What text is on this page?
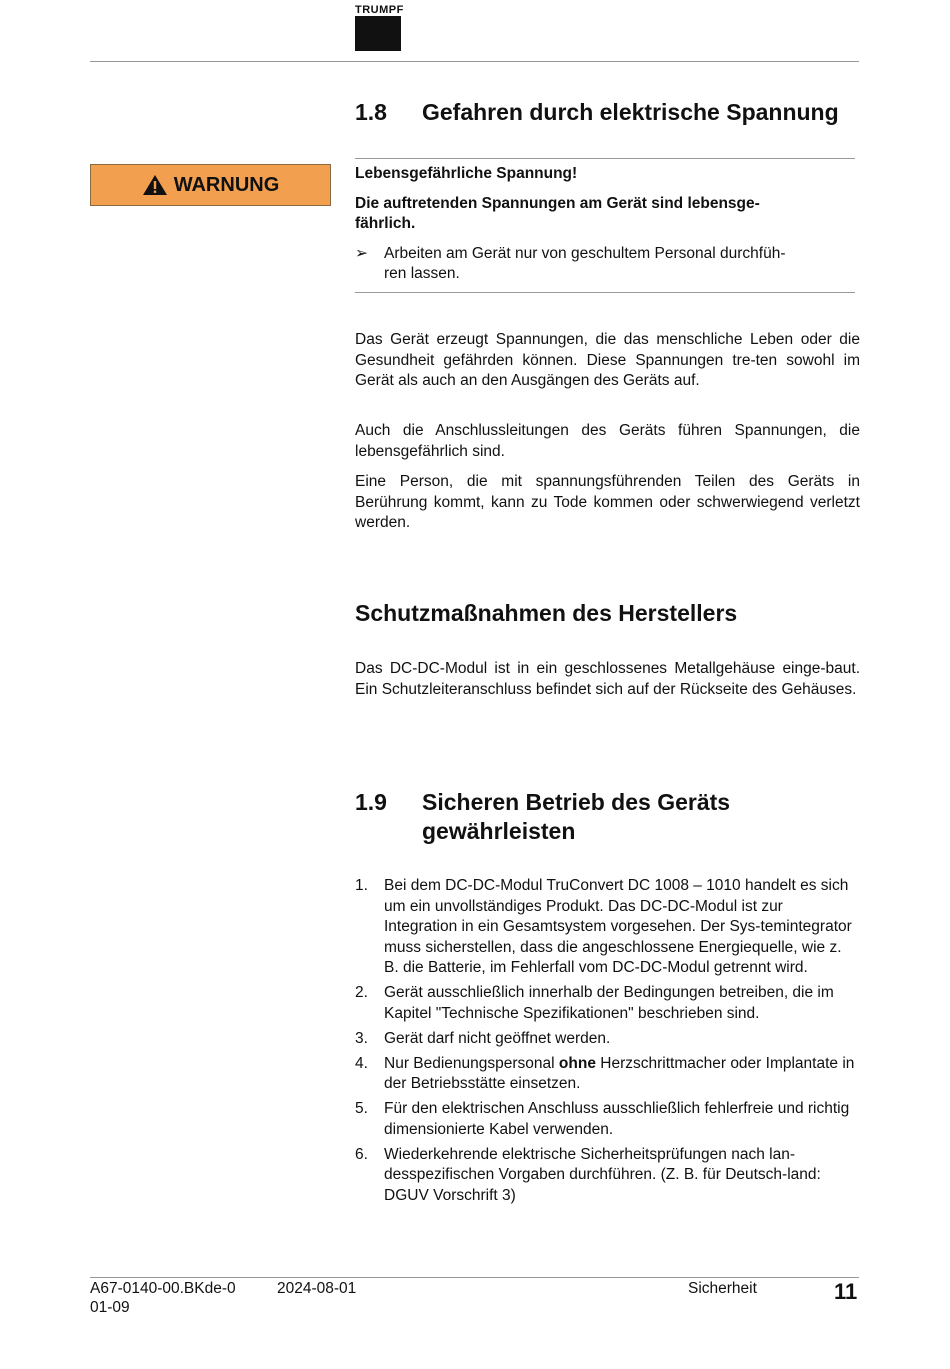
TRUMPF
1.8 Gefahren durch elektrische Spannung
WARNUNG	Lebensgefährliche Spannung!
Die auftretenden Spannungen am Gerät sind lebensge-
fährlich.
➢ Arbeiten am Gerät nur von geschultem Personal durchfüh-
ren lassen.
Das Gerät erzeugt Spannungen, die das menschliche Leben oder die Gesundheit gefährden können. Diese Spannungen tre-ten sowohl im Gerät als auch an den Ausgängen des Geräts auf.
Auch die Anschlussleitungen des Geräts führen Spannungen, die lebensgefährlich sind.
Eine Person, die mit spannungsführenden Teilen des Geräts in Berührung kommt, kann zu Tode kommen oder schwerwiegend verletzt werden.
Schutzmaßnahmen des Herstellers
Das DC-DC-Modul ist in ein geschlossenes Metallgehäuse einge-baut. Ein Schutzleiteranschluss befindet sich auf der Rückseite des Gehäuses.
1.9 Sicheren Betrieb des Geräts
gewährleisten
1.	Bei dem DC-DC-Modul TruConvert DC 1008 – 1010 handelt es sich um ein unvollständiges Produkt. Das DC-DC-Modul ist zur Integration in ein Gesamtsystem vorgesehen. Der Sys-temintegrator muss sicherstellen, dass die angeschlossene Energiequelle, wie z. B. die Batterie, im Fehlerfall vom DC-DC-Modul getrennt wird.
2.	Gerät ausschließlich innerhalb der Bedingungen betreiben, die im Kapitel "Technische Spezifikationen" beschrieben sind.
3.	Gerät darf nicht geöffnet werden.
4.	Nur Bedienungspersonal ohne Herzschrittmacher oder Implantate in der Betriebsstätte einsetzen.
5.	Für den elektrischen Anschluss ausschließlich fehlerfreie und richtig dimensionierte Kabel verwenden.
6.	Wiederkehrende elektrische Sicherheitsprüfungen nach lan-desspezifischen Vorgaben durchführen. (Z. B. für Deutsch-land: DGUV Vorschrift 3)
A67-0140-00.BKde-0
01-09
2024-08-01	Sicherheit	11
